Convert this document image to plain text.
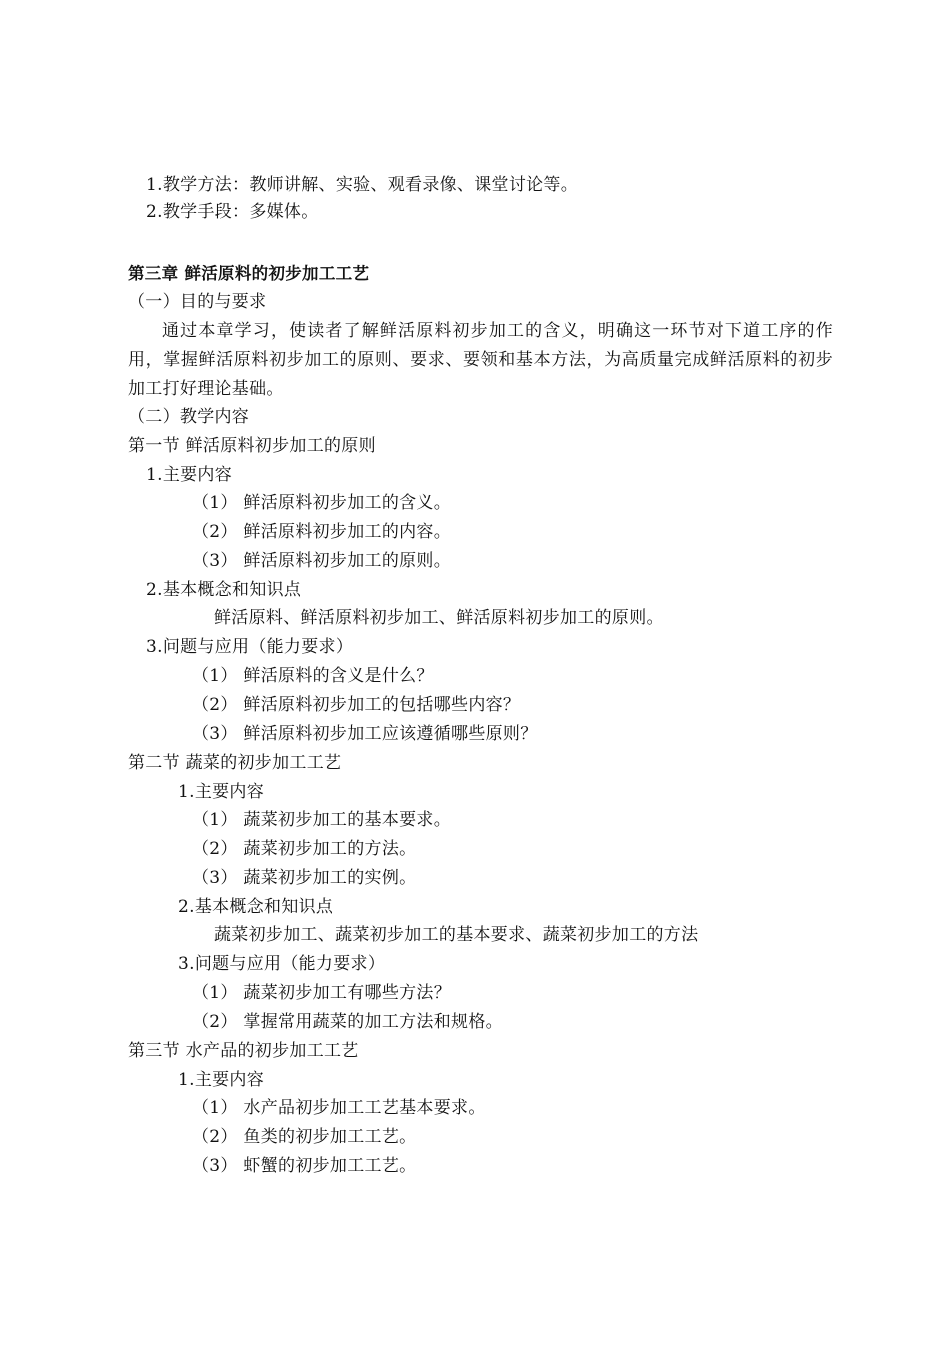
1.教学方法：教师讲解、实验、观看录像、课堂讨论等。
2.教学手段：多媒体。
第三章 鲜活原料的初步加工工艺
（一）目的与要求
通过本章学习，使读者了解鲜活原料初步加工的含义，明确这一环节对下道工序的作用，掌握鲜活原料初步加工的原则、要求、要领和基本方法，为高质量完成鲜活原料的初步加工打好理论基础。
（二）教学内容
第一节 鲜活原料初步加工的原则
1.主要内容
（1） 鲜活原料初步加工的含义。
（2） 鲜活原料初步加工的内容。
（3） 鲜活原料初步加工的原则。
2.基本概念和知识点
鲜活原料、鲜活原料初步加工、鲜活原料初步加工的原则。
3.问题与应用（能力要求）
（1） 鲜活原料的含义是什么？
（2） 鲜活原料初步加工的包括哪些内容？
（3） 鲜活原料初步加工应该遵循哪些原则？
第二节 蔬菜的初步加工工艺
1.主要内容
（1） 蔬菜初步加工的基本要求。
（2） 蔬菜初步加工的方法。
（3） 蔬菜初步加工的实例。
2.基本概念和知识点
蔬菜初步加工、蔬菜初步加工的基本要求、蔬菜初步加工的方法
3.问题与应用（能力要求）
（1） 蔬菜初步加工有哪些方法？
（2） 掌握常用蔬菜的加工方法和规格。
第三节 水产品的初步加工工艺
1.主要内容
（1） 水产品初步加工工艺基本要求。
（2） 鱼类的初步加工工艺。
（3） 虾蟹的初步加工工艺。
